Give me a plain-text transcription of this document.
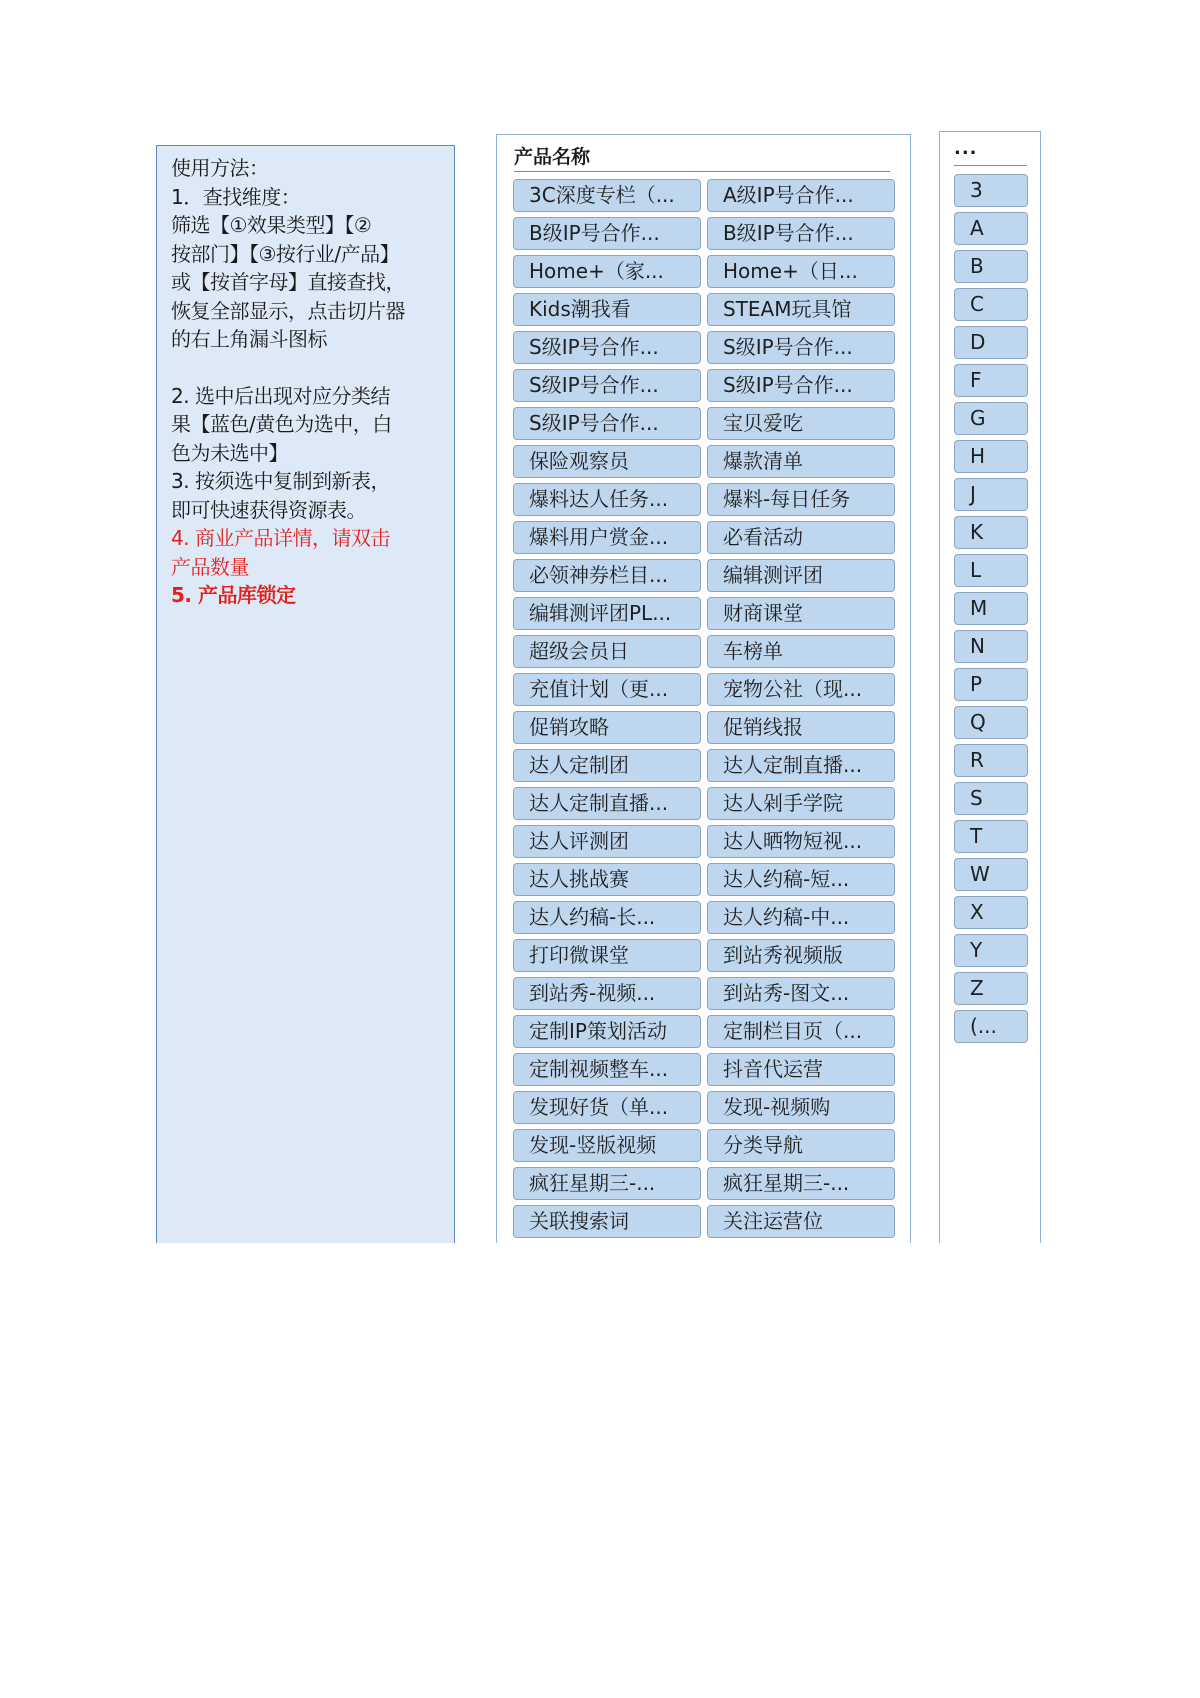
使用方法：
1．查找维度：
筛选【①效果类型】【②
按部门】【③按行业/产品】
或【按首字母】直接查找，
恢复全部显示，点击切片器
的右上角漏斗图标
2. 选中后出现对应分类结
果【蓝色/黄色为选中，白
色为未选中】
3. 按须选中复制到新表，
即可快速获得资源表。
4. 商业产品详情，请双击
产品数量
5. 产品库锁定
产品名称
3C深度专栏（...	A级IP号合作...
B级IP号合作...	B级IP号合作...
Home+（家...	Home+（日...
Kids潮我看	STEAM玩具馆
S级IP号合作...	S级IP号合作...
S级IP号合作...	S级IP号合作...
S级IP号合作...	宝贝爱吃
保险观察员	爆款清单
爆料达人任务...	爆料-每日任务
爆料用户赏金...	必看活动
必领神券栏目...	编辑测评团
编辑测评团PL...	财商课堂
超级会员日	车榜单
充值计划（更...	宠物公社（现...
促销攻略	促销线报
达人定制团	达人定制直播...
达人定制直播...	达人剁手学院
达人评测团	达人晒物短视...
达人挑战赛	达人约稿-短...
达人约稿-长...	达人约稿-中...
打印微课堂	到站秀视频版
到站秀-视频...	到站秀-图文...
定制IP策划活动	定制栏目页（...
定制视频整车...	抖音代运营
发现好货（单...	发现-视频购
发现-竖版视频	分类导航
疯狂星期三-...	疯狂星期三-...
关联搜索词	关注运营位
...
3
A
B
C
D
F
G
H
J
K
L
M
N
P
Q
R
S
T
W
X
Y
Z
(...
